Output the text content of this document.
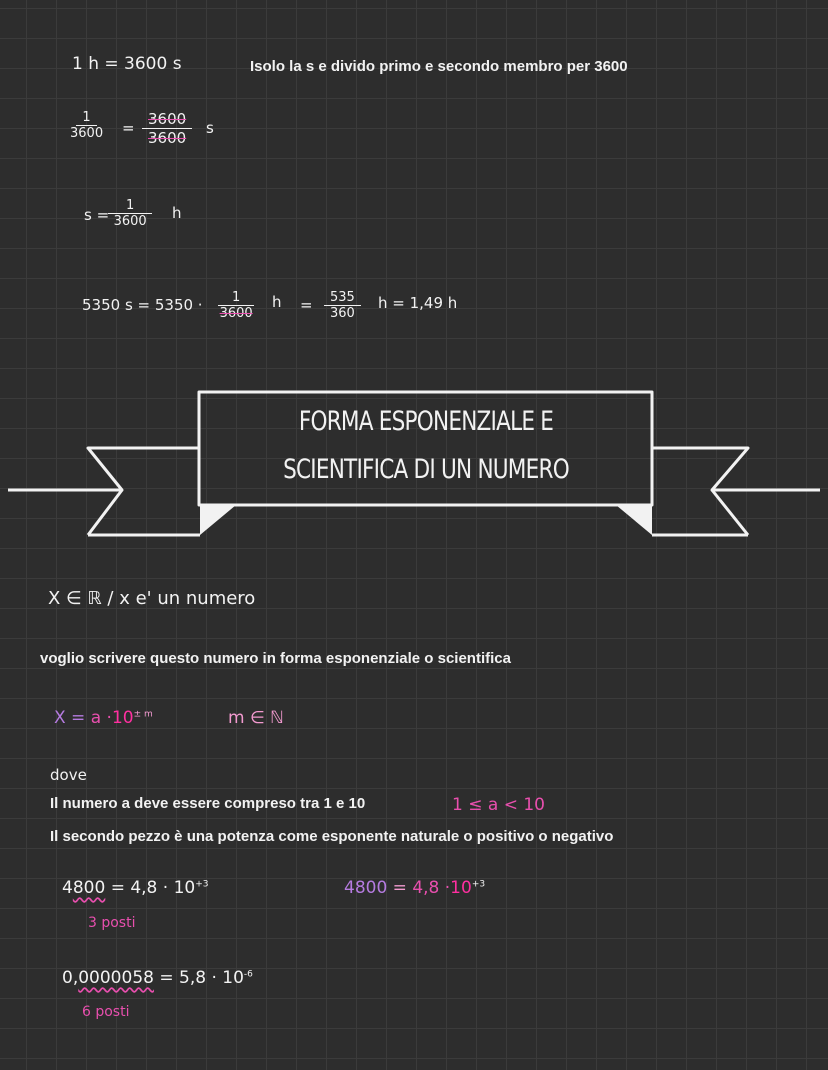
1 h = 3600 s	Isolo la s e divido primo e secondo membro per 3600
$\frac{1}{3600} = \frac{3600}{3600}$ s
s =
$\frac{1}{3600}$ h
5350 $s = 5350 \cdot \frac{1}{3600}$ $h = \frac{535}{360}$ h = 1,49 h
FORMA ESPONENZIALE E
SCIENTIFICA DI UN NUMERO
X ∈ ℝ / x e' un numero
voglio scrivere questo numero in forma esponenziale o scientifica
$X = a \cdot 10^{\pm m}$	m ∈ ℕ
dove
Il numero a deve essere compreso tra 1 e 10	1 ≤ a < 10
Il secondo pezzo è una potenza come esponente naturale o positivo o negativo
$4800 = 4,8 \cdot 10^{+3}$
3 posti
$4800 = 4,8 \cdot 10^{+3}$
$0,0000058 = 5,8 \cdot 10^{-6}$
6 posti
